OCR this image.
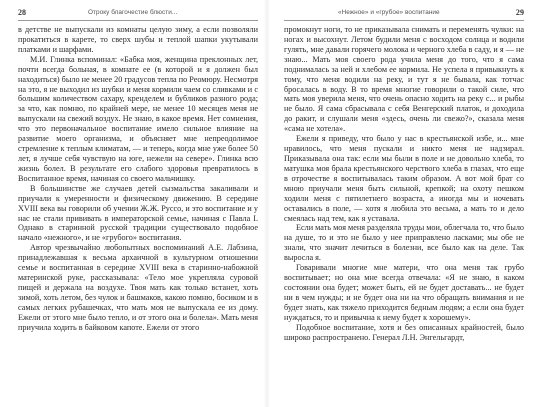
28	Отроку благочестие блюсти...

в детстве не выпускали из комнаты целую зиму, а если позволяли прокатиться в карете, то сверх шубы и теплой шапки укутывали платками и шарфами.

М.И. Глинка вспоминал: «Бабка моя, женщина преклонных лет, почти всегда больная, в комнате ее (в которой и я должен был находиться) было не менее 20 градусов тепла по Реомюру. Несмотря на это, я не выходил из шубки и меня кормили чаем со сливками и с большим количеством сахару, кренделем и бубликов разного рода; за что, как помню, по крайней мере, не менее 10 месяцев меня не выпускали на свежий воздух. Не знаю, в какое время. Нет сомнения, что это первоначальное воспитание имело сильное влияние на развитие моего организма, и объясняет мне непреодолимое стремление к теплым климатам, — и теперь, когда мне уже более 50 лет, я лучше себя чувствую на юге, нежели на севере». Глинка всю жизнь болел. В результате его слабого здоровья превратилось в Воспитанное время, начиная со своего мальчишку.

В большинстве же случаев детей сызмальства закаливали и приучали к умеренности и физическому движению. В середине XVIII века вы говорили об учении Ж.Ж. Руссо, и это воспитание и у нас не стали прививать в императорской семье, начиная с Павла I. Однако в старинной русской традиции существовало подобное начало «нежного», и не «грубого» воспитания.

Автор чрезвычайно любопытных воспоминаний А.Е. Лабзина, принадлежавшая к весьма архаичной в культурном отношении семье и воспитанная в середине XVIII века в старинно-набожной материнской руке, рассказывала: «Тело мое укрепляла суровой пищей и держала на воздухе. Твоя мать как только встанет, хоть зимой, хоть летом, без чулок и башмаков, какою помню, босиком и в самых легких рубашечках, что мать моя не выпускала ее из дому. Ежели от этого мне было тепло, и от этого она и болела». Мать меня приучила ходить в байковом капоте. Ежели от этого

«Нежное» и «грубое» воспитание	29

промокнут ноги, то не приказывала снимать и переменять чулки: на ногах и высохнут. Летом будили меня с восходом солнца и водили гулять, мне давали горячего молока и черного хлеба в саду, и я — не знаю... Мать моя своего рода учила меня до того, что я сама поднималась за ней и хлебом ее кормила. Не успела я привыкнуть к тому, что меня водили на реку, и тут я не бывала, как тотчас бросалась в воду. В то время многие говорили о такой силе, что мать моя уверила меня, что очень опасно ходить на реку с... и рыбы не было. Я сама сбрасывала с себя Венгерский платок, и доходила до ракит, и слушали меня «здесь, очень ли свежо?», сказала меня «сама не хотела».

Ежели я приведу, что было у нас в крестьянской избе, и... мне нравилось, что меня пускали и никто меня не надзирал. Приказывала она так: если мы были в поле и не довольно хлеба, то матушка моя брала крестьянского черствого хлеба в глазах, что еще в отрочестве я воспитывалась таким образом. А вот мой брат со мною приучали меня быть сильной, крепкой; на охоту пешком ходили меня с пятилетнего возраста, а иногда мы и ночевать оставались в поле, — хотя я любила это весьма, а мать то и дело смеялась над тем, как я уставала.

Если мать моя меня разделяла труды мои, облегчала то, что было на душе, то и это не было у нее приправлено ласками; мы обе не знали, что значит лечиться в болезни, все было как на деле. Так выросла я.

Говаривали многие мне матери, что она меня так грубо воспитывает; но она мне всегда отвечала: «Я не знаю, в каком состоянии она будет; может быть, ей не будет доставать... не будет ни в чем нужды; и не будет она ни на что обращать внимания и не будет знать, как тяжело приходится бедным людям; а если она будет нуждаться, то и привычна к нему будет к хорошему».

Подобное воспитание, хотя и без описанных крайностей, было широко распространено. Генерал Л.Н. Энгельгардт,
